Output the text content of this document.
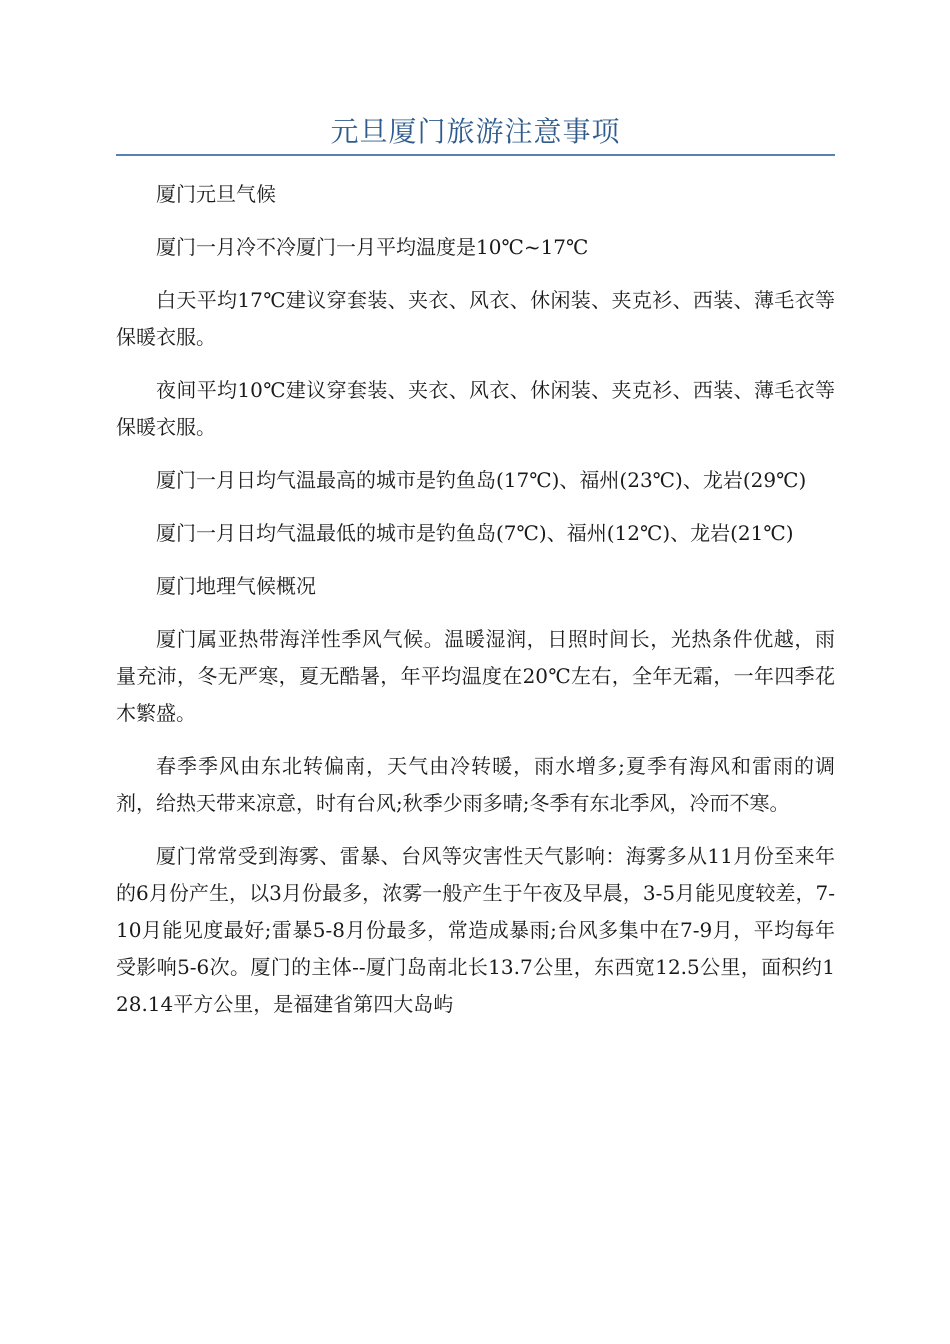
元旦厦门旅游注意事项

厦门元旦气候

厦门一月冷不冷厦门一月平均温度是10℃~17℃

白天平均17℃建议穿套装、夹衣、风衣、休闲装、夹克衫、西装、薄毛衣等保暖衣服。

夜间平均10℃建议穿套装、夹衣、风衣、休闲装、夹克衫、西装、薄毛衣等保暖衣服。

厦门一月日均气温最高的城市是钓鱼岛(17℃)、福州(23℃)、龙岩(29℃)

厦门一月日均气温最低的城市是钓鱼岛(7℃)、福州(12℃)、龙岩(21℃)

厦门地理气候概况

厦门属亚热带海洋性季风气候。温暖湿润，日照时间长，光热条件优越，雨量充沛，冬无严寒，夏无酷暑，年平均温度在20℃左右，全年无霜，一年四季花木繁盛。

春季季风由东北转偏南，天气由冷转暖，雨水增多;夏季有海风和雷雨的调剂，给热天带来凉意，时有台风;秋季少雨多晴;冬季有东北季风，冷而不寒。

厦门常常受到海雾、雷暴、台风等灾害性天气影响：海雾多从11月份至来年的6月份产生，以3月份最多，浓雾一般产生于午夜及早晨，3-5月能见度较差，7-10月能见度最好;雷暴5-8月份最多，常造成暴雨;台风多集中在7-9月，平均每年受影响5-6次。厦门的主体--厦门岛南北长13.7公里，东西宽12.5公里，面积约128.14平方公里，是福建省第四大岛屿
